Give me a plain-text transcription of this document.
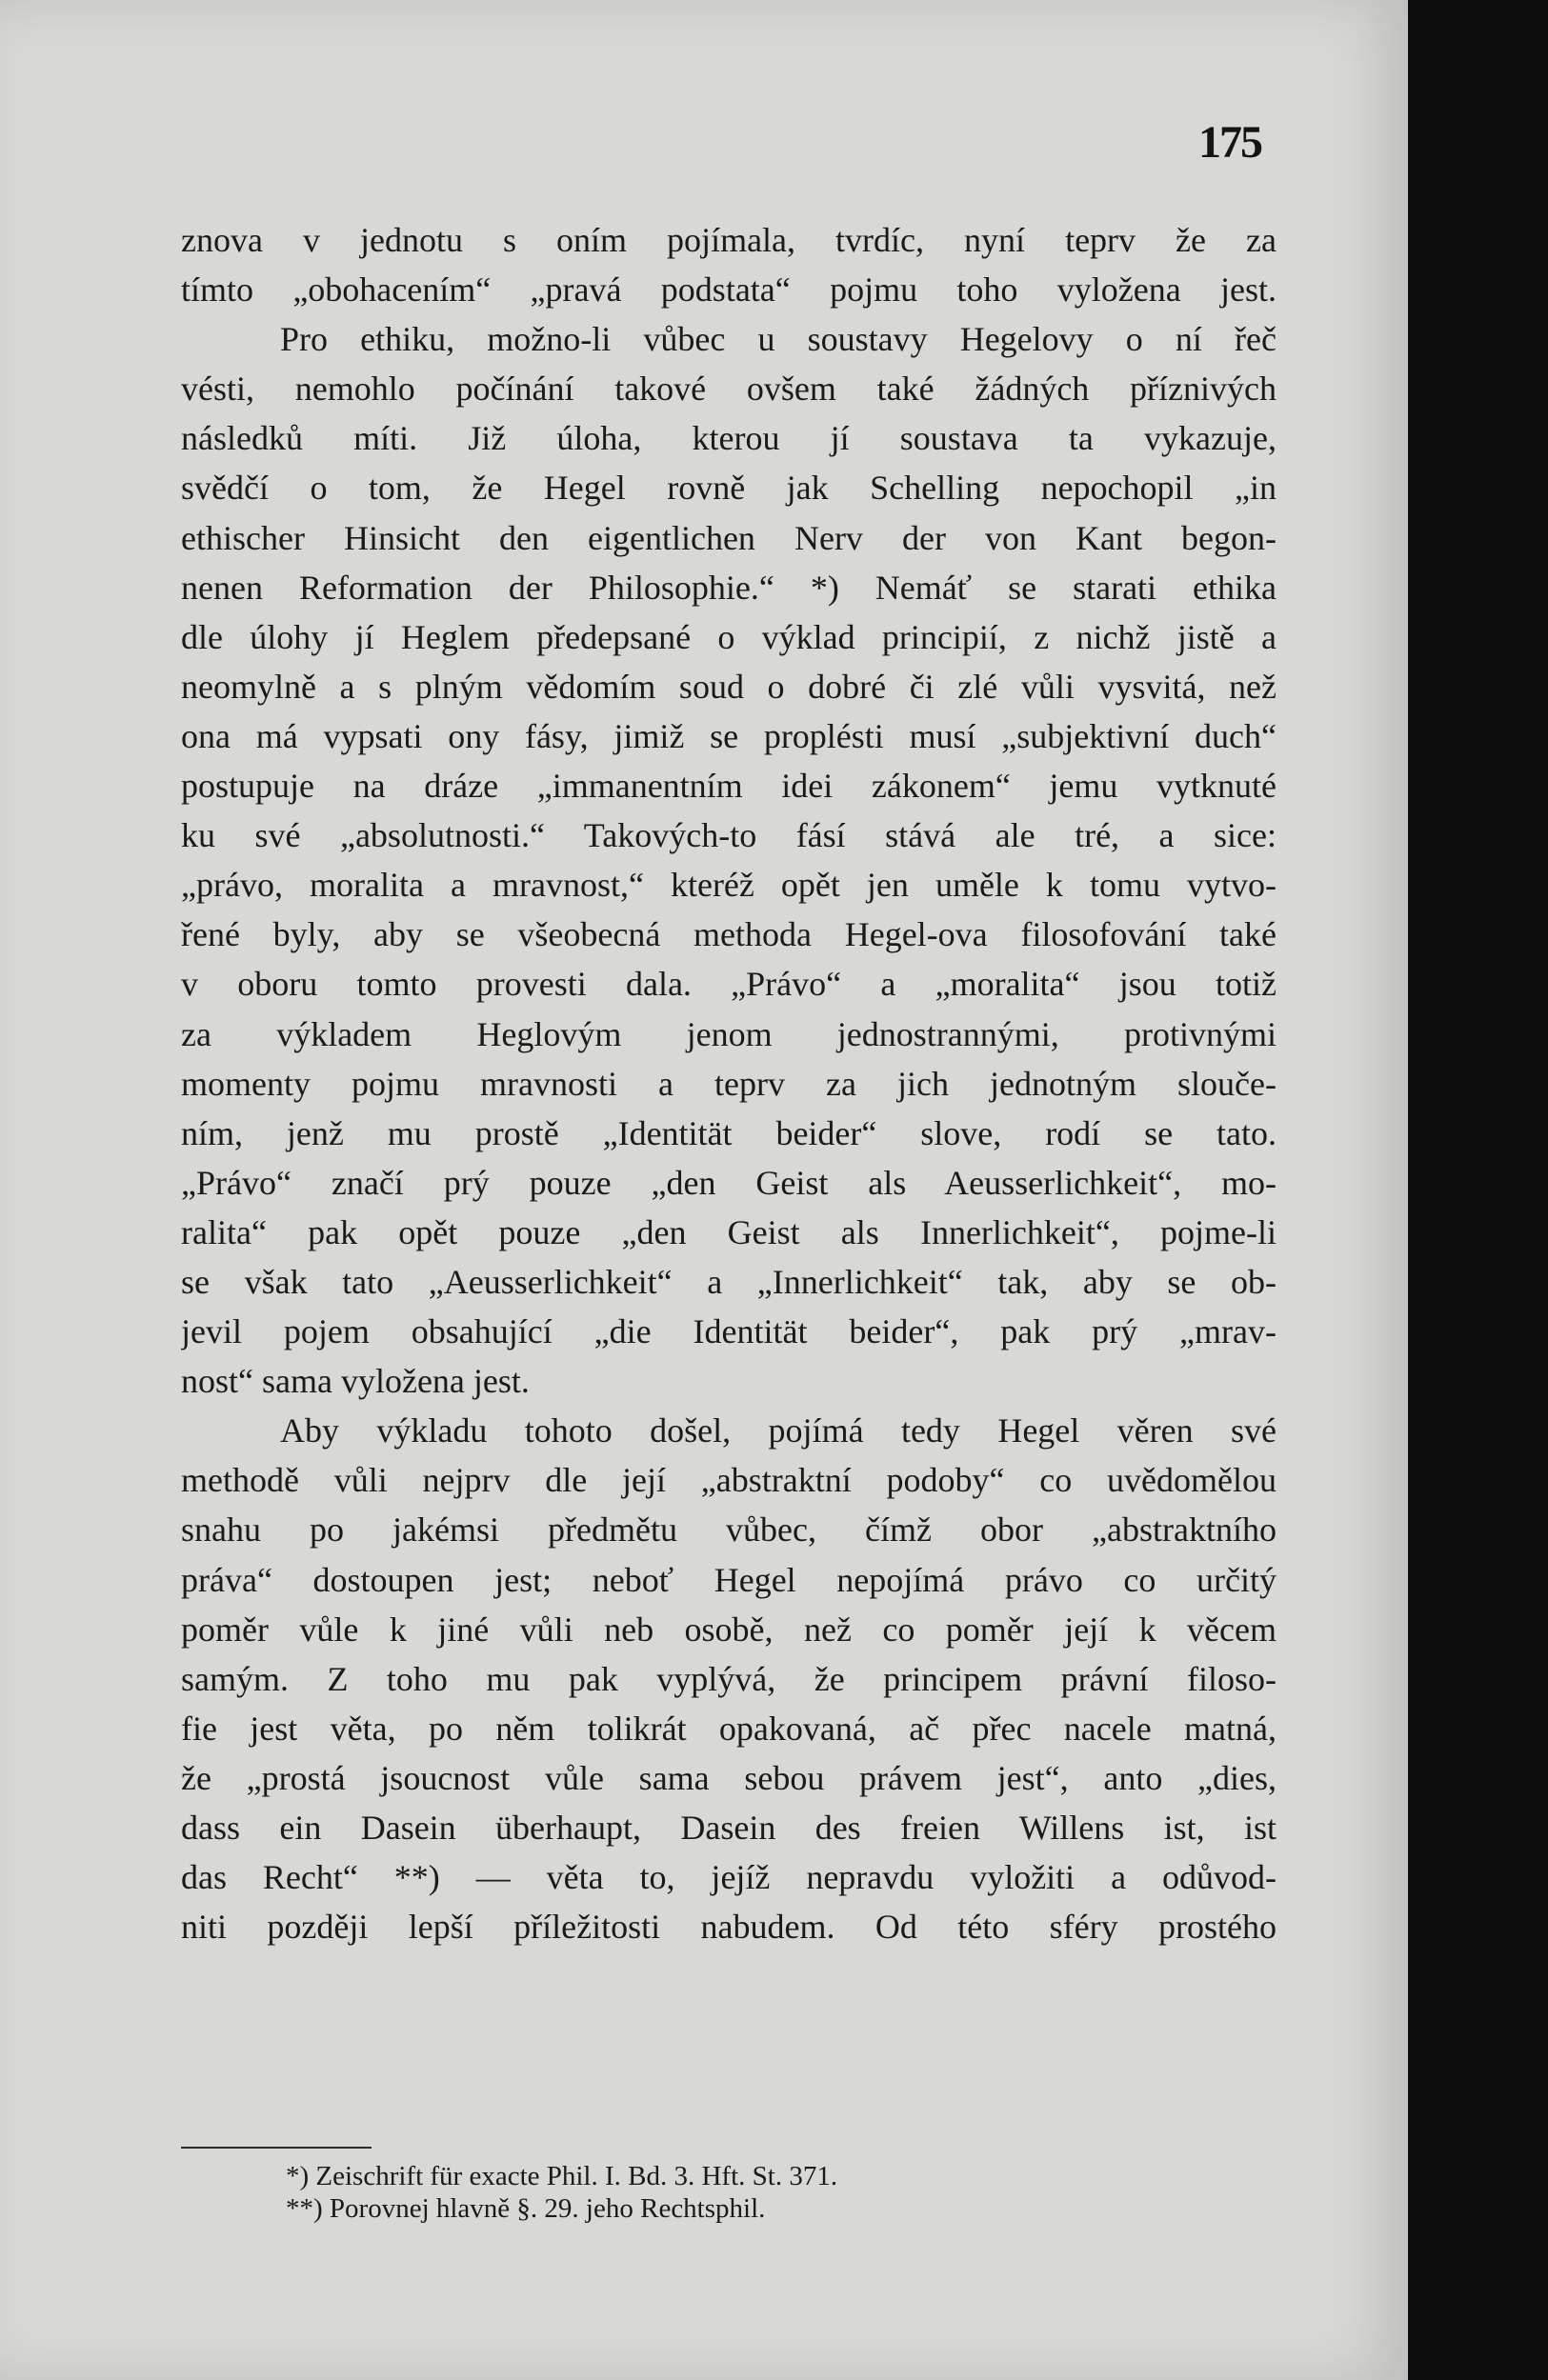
175
znova v jednotu s oním pojímala, tvrdíc, nyní teprv že za
tímto „obohacením“ „pravá podstata“ pojmu toho vyložena jest.
Pro ethiku, možno-li vůbec u soustavy Hegelovy o ní řeč
vésti, nemohlo počínání takové ovšem také žádných příznivých
následků míti. Již úloha, kterou jí soustava ta vykazuje,
svědčí o tom, že Hegel rovně jak Schelling nepochopil „in
ethischer Hinsicht den eigentlichen Nerv der von Kant begon-
nenen Reformation der Philosophie.“ *) Nemáť se starati ethika
dle úlohy jí Heglem předepsané o výklad principií, z nichž jistě a
neomylně a s plným vědomím soud o dobré či zlé vůli vysvitá, než
ona má vypsati ony fásy, jimiž se proplésti musí „subjektivní duch“
postupuje na dráze „immanentním idei zákonem“ jemu vytknuté
ku své „absolutnosti.“ Takových-to fásí stává ale tré, a sice:
„právo, moralita a mravnost,“ kteréž opět jen uměle k tomu vytvo-
řené byly, aby se všeobecná methoda Hegel-ova filosofování také
v oboru tomto provesti dala. „Právo“ a „moralita“ jsou totiž
za výkladem Heglovým jenom jednostrannými, protivnými
momenty pojmu mravnosti a teprv za jich jednotným slouče-
ním, jenž mu prostě „Identität beider“ slove, rodí se tato.
„Právo“ značí prý pouze „den Geist als Aeusserlichkeit“, mo-
ralita“ pak opět pouze „den Geist als Innerlichkeit“, pojme-li
se však tato „Aeusserlichkeit“ a „Innerlichkeit“ tak, aby se ob-
jevil pojem obsahující „die Identität beider“, pak prý „mrav-
nost“ sama vyložena jest.
Aby výkladu tohoto došel, pojímá tedy Hegel věren své
methodě vůli nejprv dle její „abstraktní podoby“ co uvědomělou
snahu po jakémsi předmětu vůbec, čímž obor „abstraktního
práva“ dostoupen jest; neboť Hegel nepojímá právo co určitý
poměr vůle k jiné vůli neb osobě, než co poměr její k věcem
samým. Z toho mu pak vyplývá, že principem právní filoso-
fie jest věta, po něm tolikrát opakovaná, ač přec nacele matná,
že „prostá jsoucnost vůle sama sebou právem jest“, anto „dies,
dass ein Dasein überhaupt, Dasein des freien Willens ist, ist
das Recht“ **) — věta to, jejíž nepravdu vyložiti a odůvod-
niti později lepší příležitosti nabudem. Od této sféry prostého
*) Zeischrift für exacte Phil. I. Bd. 3. Hft. St. 371.
**) Porovnej hlavně §. 29. jeho Rechtsphil.
